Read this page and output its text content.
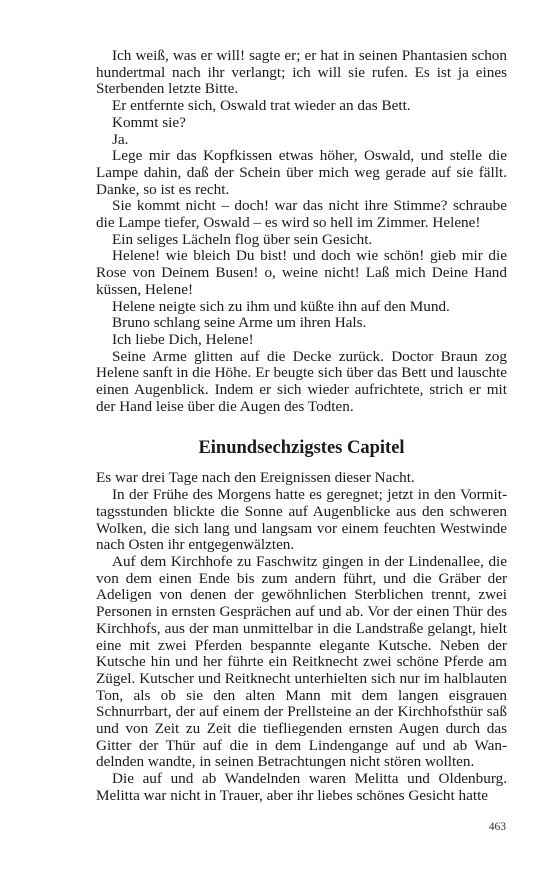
Ich weiß, was er will! sagte er; er hat in seinen Phantasien schon hundertmal nach ihr verlangt; ich will sie rufen. Es ist ja eines Sterbenden letzte Bitte.

Er entfernte sich, Oswald trat wieder an das Bett.

Kommt sie?

Ja.

Lege mir das Kopfkissen etwas höher, Oswald, und stelle die Lampe dahin, daß der Schein über mich weg gerade auf sie fällt. Danke, so ist es recht.

Sie kommt nicht – doch! war das nicht ihre Stimme? schraube die Lampe tiefer, Oswald – es wird so hell im Zimmer. Helene!

Ein seliges Lächeln flog über sein Gesicht.

Helene! wie bleich Du bist! und doch wie schön! gieb mir die Rose von Deinem Busen! o, weine nicht! Laß mich Deine Hand küssen, Helene!

Helene neigte sich zu ihm und küßte ihn auf den Mund.

Bruno schlang seine Arme um ihren Hals.

Ich liebe Dich, Helene!

Seine Arme glitten auf die Decke zurück. Doctor Braun zog Helene sanft in die Höhe. Er beugte sich über das Bett und lauschte einen Augenblick. Indem er sich wieder aufrichtete, strich er mit der Hand leise über die Augen des Todten.

Einundsechzigstes Capitel

Es war drei Tage nach den Ereignissen dieser Nacht.

In der Frühe des Morgens hatte es geregnet; jetzt in den Vormittagsstunden blickte die Sonne auf Augenblicke aus den schweren Wolken, die sich lang und langsam vor einem feuchten Westwinde nach Osten ihr entgegenwälzten.

Auf dem Kirchhofe zu Faschwitz gingen in der Lindenallee, die von dem einen Ende bis zum andern führt, und die Gräber der Adeligen von denen der gewöhnlichen Sterblichen trennt, zwei Personen in ernsten Gesprächen auf und ab. Vor der einen Thür des Kirchhofs, aus der man unmittelbar in die Landstraße gelangt, hielt eine mit zwei Pferden bespannte elegante Kutsche. Neben der Kutsche hin und her führte ein Reitknecht zwei schöne Pferde am Zügel. Kutscher und Reitknecht unterhielten sich nur im halblauten Ton, als ob sie den alten Mann mit dem langen eisgrauen Schnurrbart, der auf einem der Prellsteine an der Kirchhofsthür saß und von Zeit zu Zeit die tiefliegenden ernsten Augen durch das Gitter der Thür auf die in dem Lindengange auf und ab Wandelnden wandte, in seinen Betrachtungen nicht stören wollten.

Die auf und ab Wandelnden waren Melitta und Oldenburg. Melitta war nicht in Trauer, aber ihr liebes schönes Gesicht hatte

463
